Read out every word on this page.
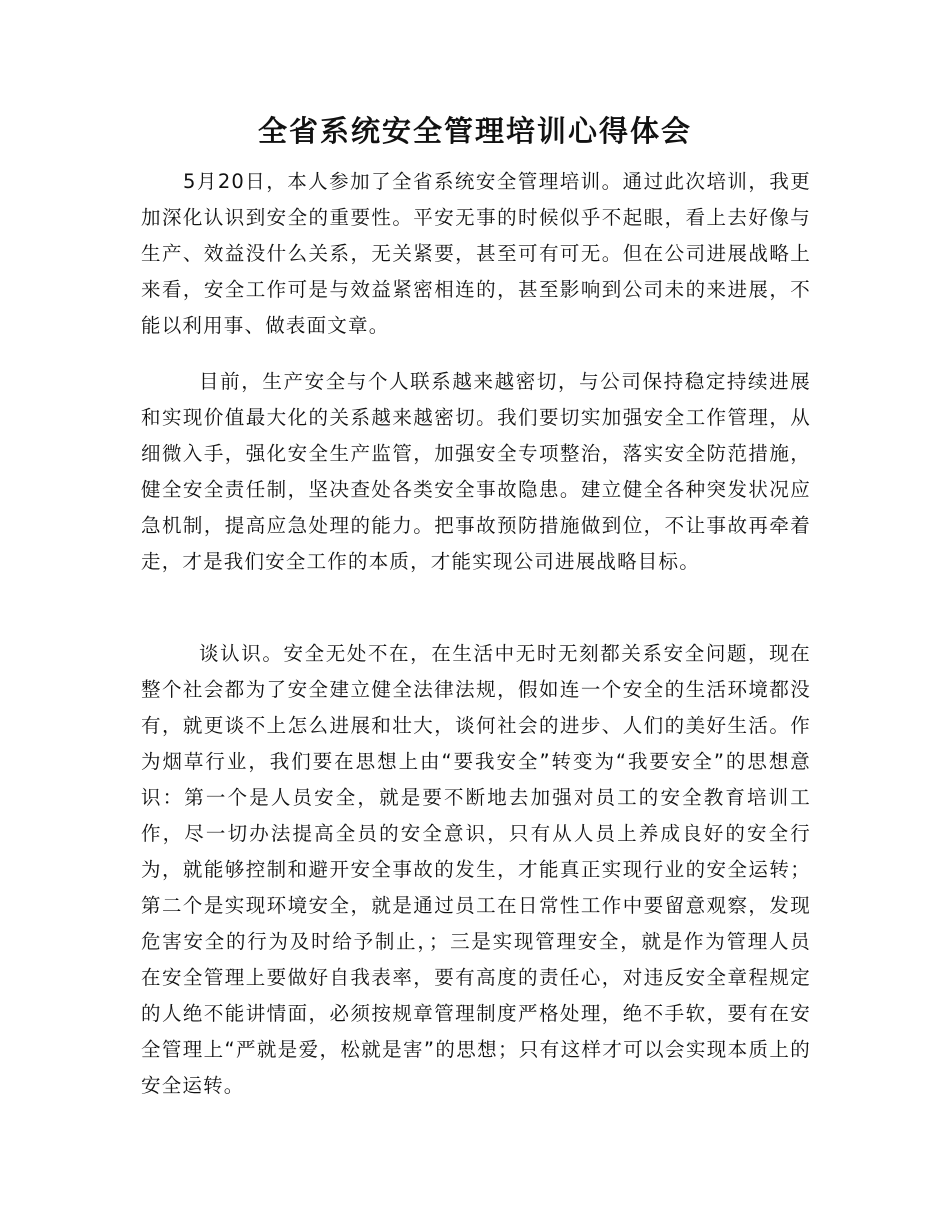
全省系统安全管理培训心得体会

5月20日，本人参加了全省系统安全管理培训。通过此次培训，我更加深化认识到安全的重要性。平安无事的时候似乎不起眼，看上去好像与生产、效益没什么关系，无关紧要，甚至可有可无。但在公司进展战略上来看，安全工作可是与效益紧密相连的，甚至影响到公司未的来进展，不能以利用事、做表面文章。

目前，生产安全与个人联系越来越密切，与公司保持稳定持续进展和实现价值最大化的关系越来越密切。我们要切实加强安全工作管理，从细微入手，强化安全生产监管，加强安全专项整治，落实安全防范措施，健全安全责任制，坚决查处各类安全事故隐患。建立健全各种突发状况应急机制，提高应急处理的能力。把事故预防措施做到位，不让事故再牵着走，才是我们安全工作的本质，才能实现公司进展战略目标。

谈认识。安全无处不在，在生活中无时无刻都关系安全问题，现在整个社会都为了安全建立健全法律法规，假如连一个安全的生活环境都没有，就更谈不上怎么进展和壮大，谈何社会的进步、人们的美好生活。作为烟草行业，我们要在思想上由“要我安全”转变为“我要安全”的思想意识：第一个是人员安全，就是要不断地去加强对员工的安全教育培训工作，尽一切办法提高全员的安全意识，只有从人员上养成良好的安全行为，就能够控制和避开安全事故的发生，才能真正实现行业的安全运转；第二个是实现环境安全，就是通过员工在日常性工作中要留意观察，发现危害安全的行为及时给予制止，；三是实现管理安全，就是作为管理人员在安全管理上要做好自我表率，要有高度的责任心，对违反安全章程规定的人绝不能讲情面，必须按规章管理制度严格处理，绝不手软，要有在安全管理上“严就是爱，松就是害”的思想；只有这样才可以会实现本质上的安全运转。
